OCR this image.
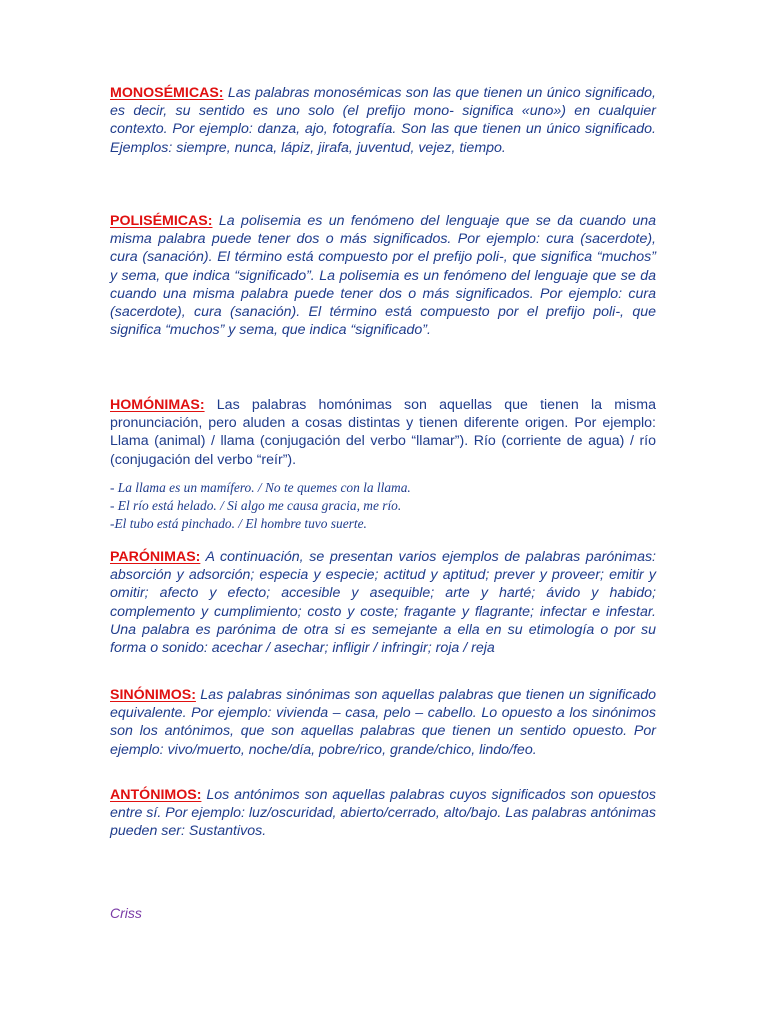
MONOSÉMICAS: Las palabras monosémicas son las que tienen un único significado, es decir, su sentido es uno solo (el prefijo mono- significa «uno») en cualquier contexto. Por ejemplo: danza, ajo, fotografía. Son las que tienen un único significado. Ejemplos: siempre, nunca, lápiz, jirafa, juventud, vejez, tiempo.

POLISÉMICAS: La polisemia es un fenómeno del lenguaje que se da cuando una misma palabra puede tener dos o más significados. Por ejemplo: cura (sacerdote), cura (sanación). El término está compuesto por el prefijo poli-, que significa “muchos” y sema, que indica “significado”. La polisemia es un fenómeno del lenguaje que se da cuando una misma palabra puede tener dos o más significados. Por ejemplo: cura (sacerdote), cura (sanación). El término está compuesto por el prefijo poli-, que significa “muchos” y sema, que indica “significado”.

HOMÓNIMAS: Las palabras homónimas son aquellas que tienen la misma pronunciación, pero aluden a cosas distintas y tienen diferente origen. Por ejemplo: Llama (animal) / llama (conjugación del verbo “llamar”). Río (corriente de agua) / río (conjugación del verbo “reír”).

- La llama es un mamífero. / No te quemes con la llama.
- El río está helado. / Si algo me causa gracia, me río.
-El tubo está pinchado. / El hombre tuvo suerte.

PARÓNIMAS: A continuación, se presentan varios ejemplos de palabras parónimas: absorción y adsorción; especia y especie; actitud y aptitud; prever y proveer; emitir y omitir; afecto y efecto; accesible y asequible; arte y harté; ávido y habido; complemento y cumplimiento; costo y coste; fragante y flagrante; infectar e infestar. Una palabra es parónima de otra si es semejante a ella en su etimología o por su forma o sonido: acechar / asechar; infligir / infringir; roja / reja

SINÓNIMOS: Las palabras sinónimas son aquellas palabras que tienen un significado equivalente. Por ejemplo: vivienda – casa, pelo – cabello. Lo opuesto a los sinónimos son los antónimos, que son aquellas palabras que tienen un sentido opuesto. Por ejemplo: vivo/muerto, noche/día, pobre/rico, grande/chico, lindo/feo.

ANTÓNIMOS: Los antónimos son aquellas palabras cuyos significados son opuestos entre sí. Por ejemplo: luz/oscuridad, abierto/cerrado, alto/bajo. Las palabras antónimas pueden ser: Sustantivos.

Criss
